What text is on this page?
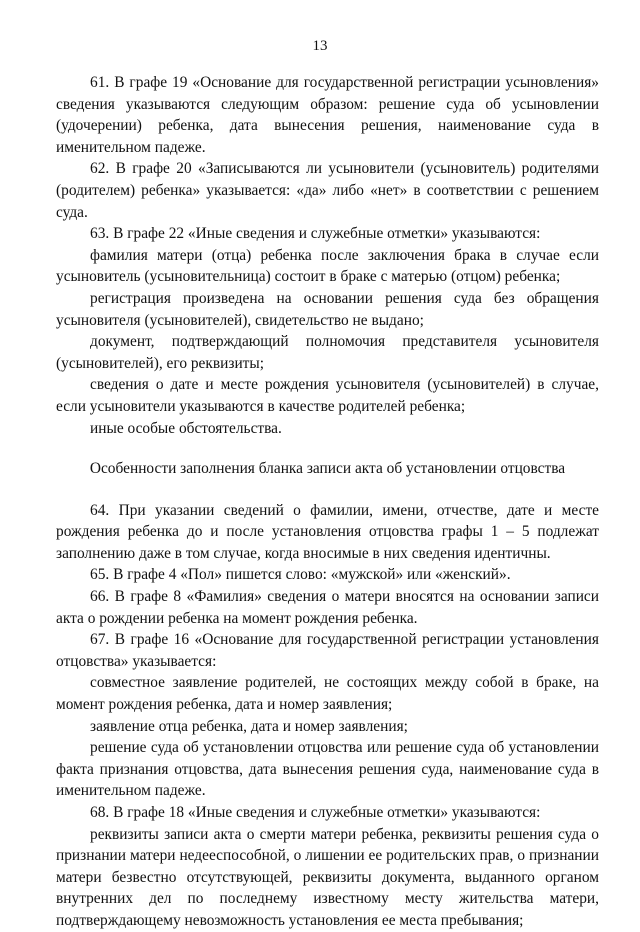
13

61. В графе 19 «Основание для государственной регистрации усыновления» сведения указываются следующим образом: решение суда об усыновлении (удочерении) ребенка, дата вынесения решения, наименование суда в именительном падеже.

62. В графе 20 «Записываются ли усыновители (усыновитель) родителями (родителем) ребенка» указывается: «да» либо «нет» в соответствии с решением суда.

63. В графе 22 «Иные сведения и служебные отметки» указываются:

фамилия матери (отца) ребенка после заключения брака в случае если усыновитель (усыновительница) состоит в браке с матерью (отцом) ребенка;

регистрация произведена на основании решения суда без обращения усыновителя (усыновителей), свидетельство не выдано;

документ, подтверждающий полномочия представителя усыновителя (усыновителей), его реквизиты;

сведения о дате и месте рождения усыновителя (усыновителей) в случае, если усыновители указываются в качестве родителей ребенка;

иные особые обстоятельства.

Особенности заполнения бланка записи акта об установлении отцовства

64. При указании сведений о фамилии, имени, отчестве, дате и месте рождения ребенка до и после установления отцовства графы 1 – 5 подлежат заполнению даже в том случае, когда вносимые в них сведения идентичны.

65. В графе 4 «Пол» пишется слово: «мужской» или «женский».

66. В графе 8 «Фамилия» сведения о матери вносятся на основании записи акта о рождении ребенка на момент рождения ребенка.

67. В графе 16 «Основание для государственной регистрации установления отцовства» указывается:

совместное заявление родителей, не состоящих между собой в браке, на момент рождения ребенка, дата и номер заявления;

заявление отца ребенка, дата и номер заявления;

решение суда об установлении отцовства или решение суда об установлении факта признания отцовства, дата вынесения решения суда, наименование суда в именительном падеже.

68. В графе 18 «Иные сведения и служебные отметки» указываются:

реквизиты записи акта о смерти матери ребенка, реквизиты решения суда о признании матери недееспособной, о лишении ее родительских прав, о признании матери безвестно отсутствующей, реквизиты документа, выданного органом внутренних дел по последнему известному месту жительства матери, подтверждающему невозможность установления ее места пребывания;
